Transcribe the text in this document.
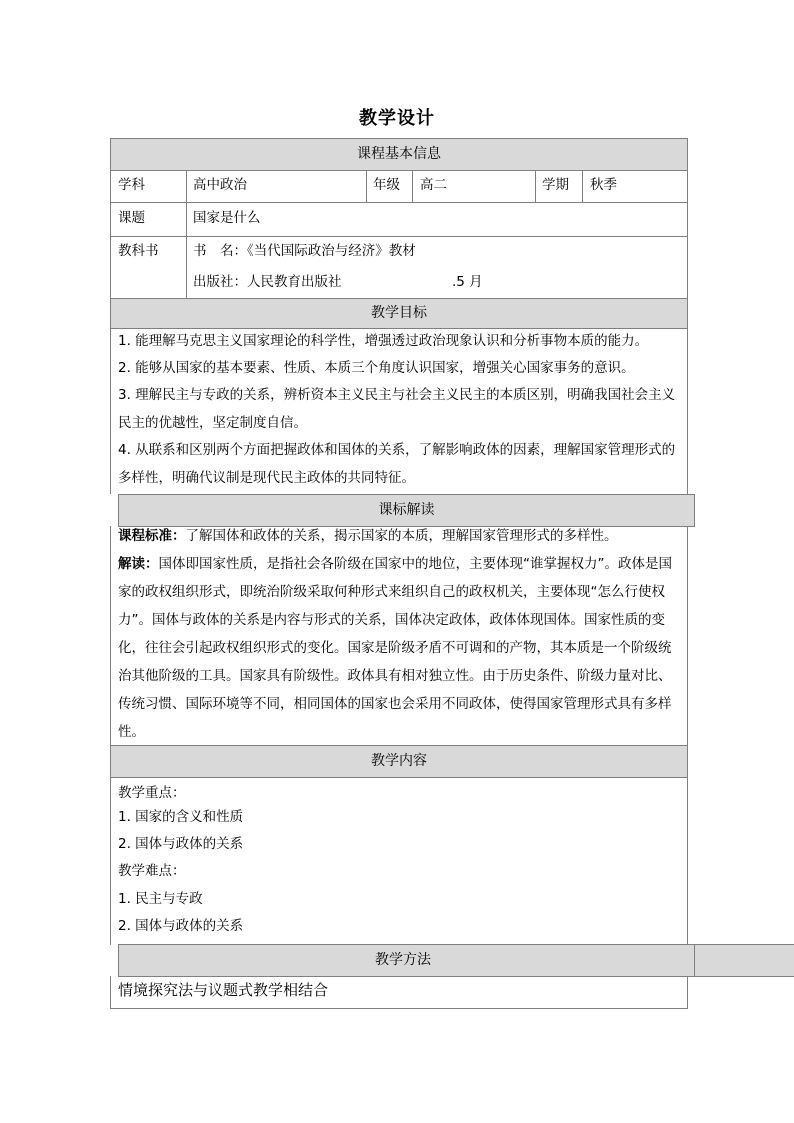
教学设计
课程基本信息
学科	高中政治	年级 高二	学期 秋季
课题	国家是什么
教科书	书　名：《当代国际政治与经济》教材
出版社：人民教育出版社	.5 月
教学目标
1. 能理解马克思主义国家理论的科学性，增强透过政治现象认识和分析事物本质的能力。
2. 能够从国家的基本要素、性质、本质三个角度认识国家，增强关心国家事务的意识。
3. 理解民主与专政的关系，辨析资本主义民主与社会主义民主的本质区别，明确我国社会主义民主的优越性，坚定制度自信。
4. 从联系和区别两个方面把握政体和国体的关系，了解影响政体的因素，理解国家管理形式的多样性，明确代议制是现代民主政体的共同特征。
课标解读
课程标准：了解国体和政体的关系，揭示国家的本质，理解国家管理形式的多样性。
解读：国体即国家性质，是指社会各阶级在国家中的地位，主要体现“谁掌握权力”。政体是国家的政权组织形式，即统治阶级采取何种形式来组织自己的政权机关，主要体现“怎么行使权力”。国体与政体的关系是内容与形式的关系，国体决定政体，政体体现国体。国家性质的变化，往往会引起政权组织形式的变化。国家是阶级矛盾不可调和的产物，其本质是一个阶级统治其他阶级的工具。国家具有阶级性。政体具有相对独立性。由于历史条件、阶级力量对比、传统习惯、国际环境等不同，相同国体的国家也会采用不同政体，使得国家管理形式具有多样性。
教学内容
教学重点：
1. 国家的含义和性质
2. 国体与政体的关系
教学难点：
1. 民主与专政
2. 国体与政体的关系
教学方法
情境探究法与议题式教学相结合
